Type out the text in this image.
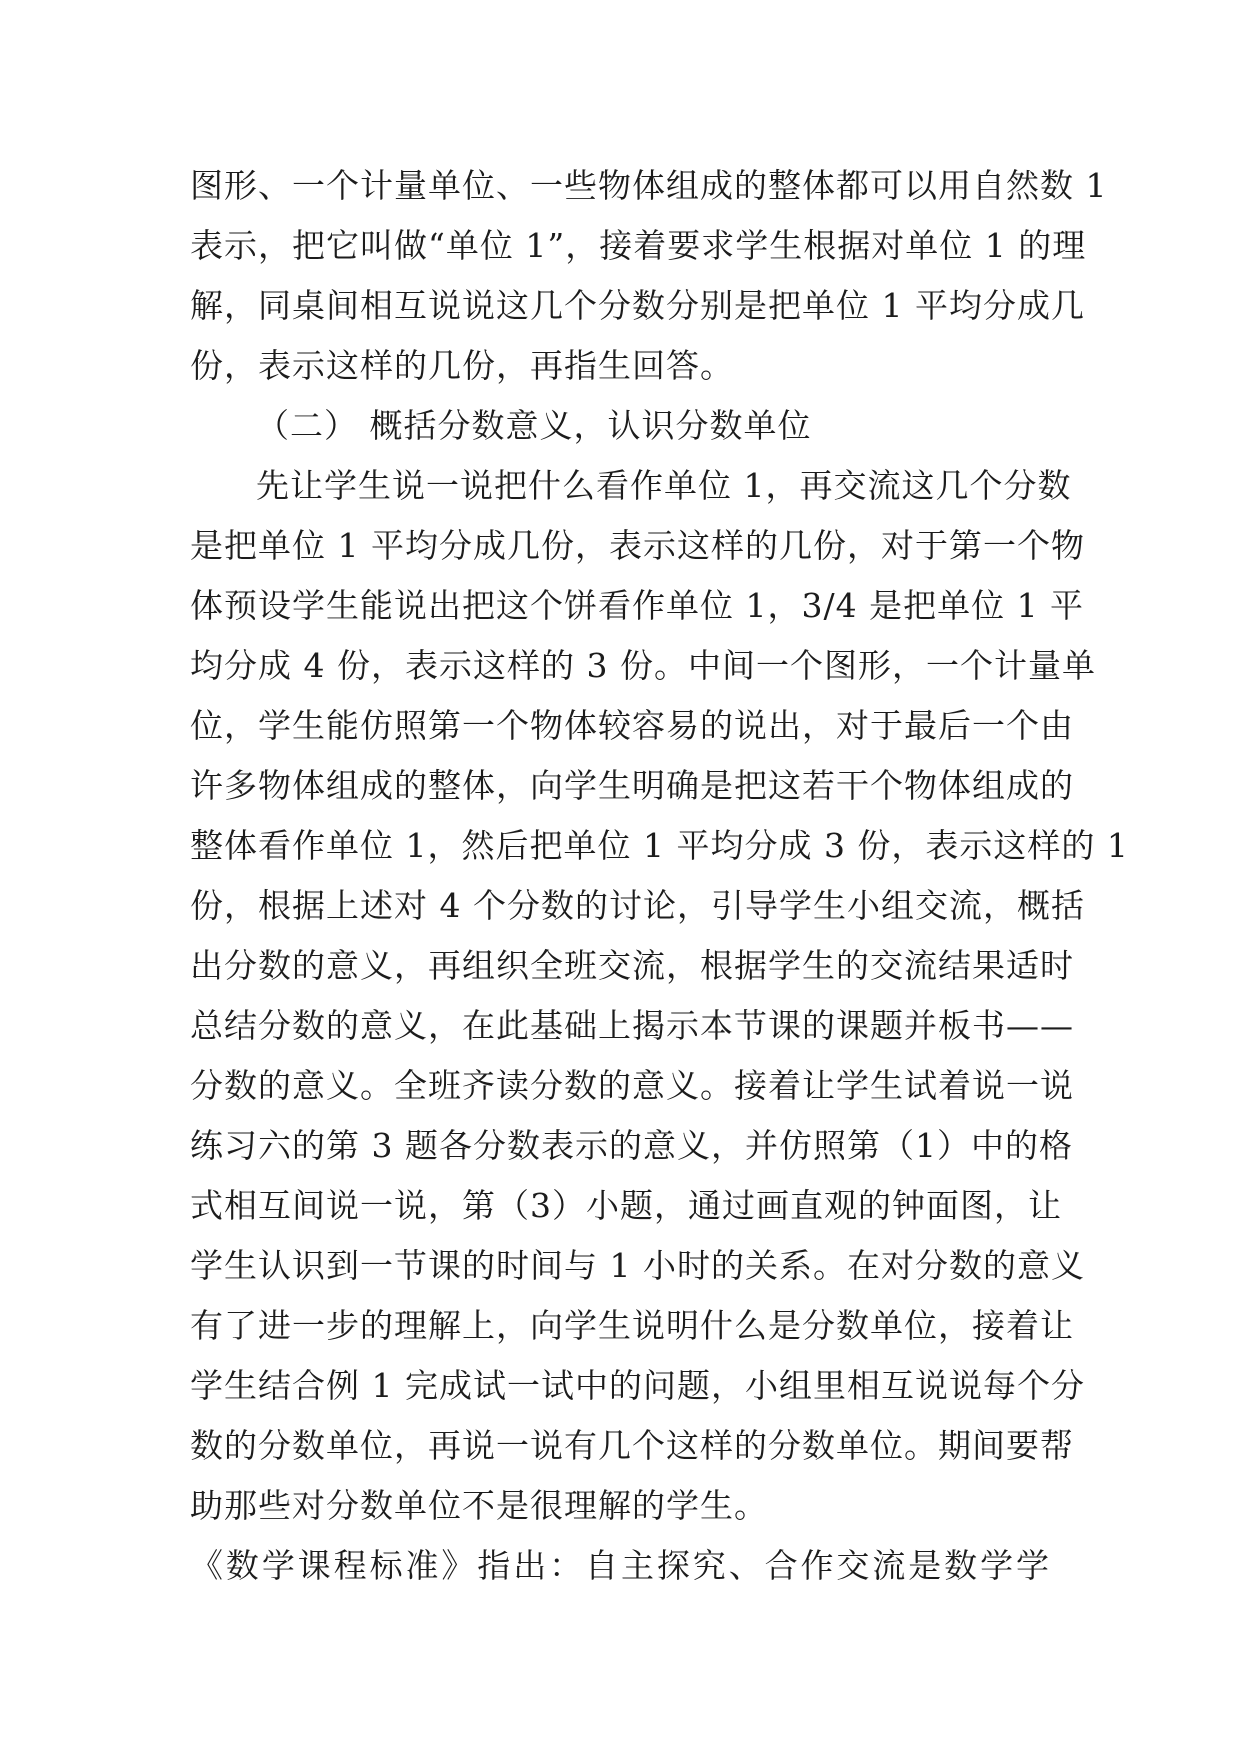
图形、一个计量单位、一些物体组成的整体都可以用自然数 1
表示，把它叫做“单位 1”，接着要求学生根据对单位 1 的理
解，同桌间相互说说这几个分数分别是把单位 1 平均分成几
份，表示这样的几份，再指生回答。
（二） 概括分数意义，认识分数单位
先让学生说一说把什么看作单位 1，再交流这几个分数
是把单位 1 平均分成几份，表示这样的几份，对于第一个物
体预设学生能说出把这个饼看作单位 1，3/4 是把单位 1 平
均分成 4 份，表示这样的 3 份。中间一个图形，一个计量单
位，学生能仿照第一个物体较容易的说出，对于最后一个由
许多物体组成的整体，向学生明确是把这若干个物体组成的
整体看作单位 1，然后把单位 1 平均分成 3 份，表示这样的 1
份，根据上述对 4 个分数的讨论，引导学生小组交流，概括
出分数的意义，再组织全班交流，根据学生的交流结果适时
总结分数的意义，在此基础上揭示本节课的课题并板书——
分数的意义。全班齐读分数的意义。接着让学生试着说一说
练习六的第 3 题各分数表示的意义，并仿照第（1）中的格
式相互间说一说，第（3）小题，通过画直观的钟面图，让
学生认识到一节课的时间与 1 小时的关系。在对分数的意义
有了进一步的理解上，向学生说明什么是分数单位，接着让
学生结合例 1 完成试一试中的问题，小组里相互说说每个分
数的分数单位，再说一说有几个这样的分数单位。期间要帮
助那些对分数单位不是很理解的学生。
《数学课程标准》指出：自主探究、合作交流是数学学
